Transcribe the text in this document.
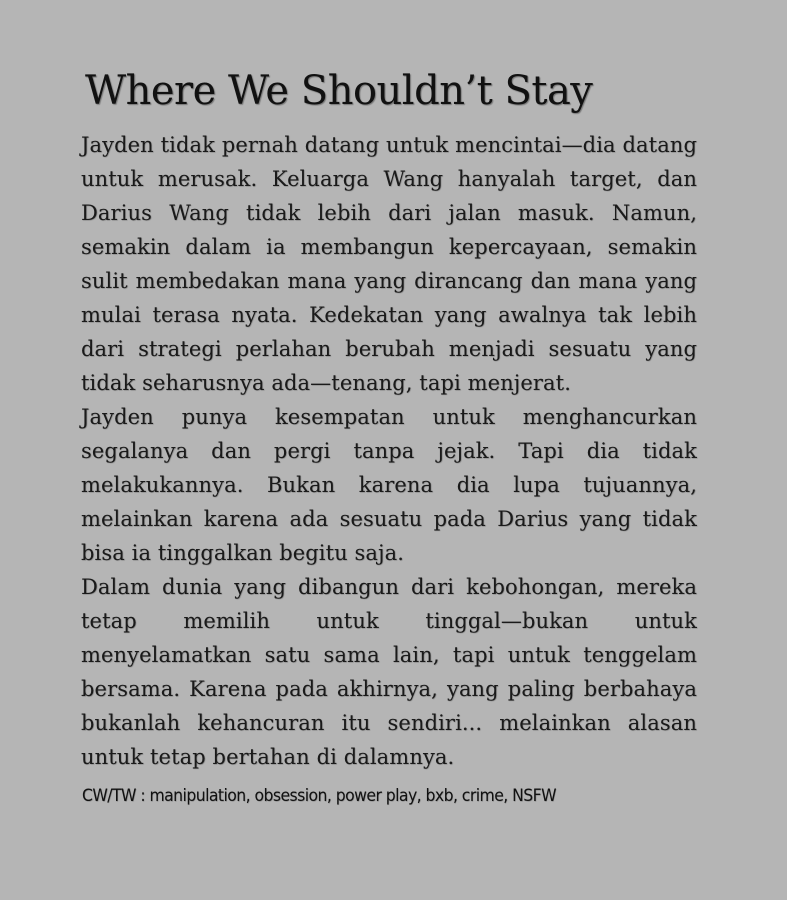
Where We Shouldn’t Stay

Jayden tidak pernah datang untuk mencintai—dia datang untuk merusak. Keluarga Wang hanyalah target, dan Darius Wang tidak lebih dari jalan masuk. Namun, semakin dalam ia membangun kepercayaan, semakin sulit membedakan mana yang dirancang dan mana yang mulai terasa nyata. Kedekatan yang awalnya tak lebih dari strategi perlahan berubah menjadi sesuatu yang tidak seharusnya ada—tenang, tapi menjerat.

Jayden punya kesempatan untuk menghancurkan segalanya dan pergi tanpa jejak. Tapi dia tidak melakukannya. Bukan karena dia lupa tujuannya, melainkan karena ada sesuatu pada Darius yang tidak bisa ia tinggalkan begitu saja.

Dalam dunia yang dibangun dari kebohongan, mereka tetap memilih untuk tinggal—bukan untuk menyelamatkan satu sama lain, tapi untuk tenggelam bersama. Karena pada akhirnya, yang paling berbahaya bukanlah kehancuran itu sendiri... melainkan alasan untuk tetap bertahan di dalamnya.

CW/TW : manipulation, obsession, power play, bxb, crime, NSFW
